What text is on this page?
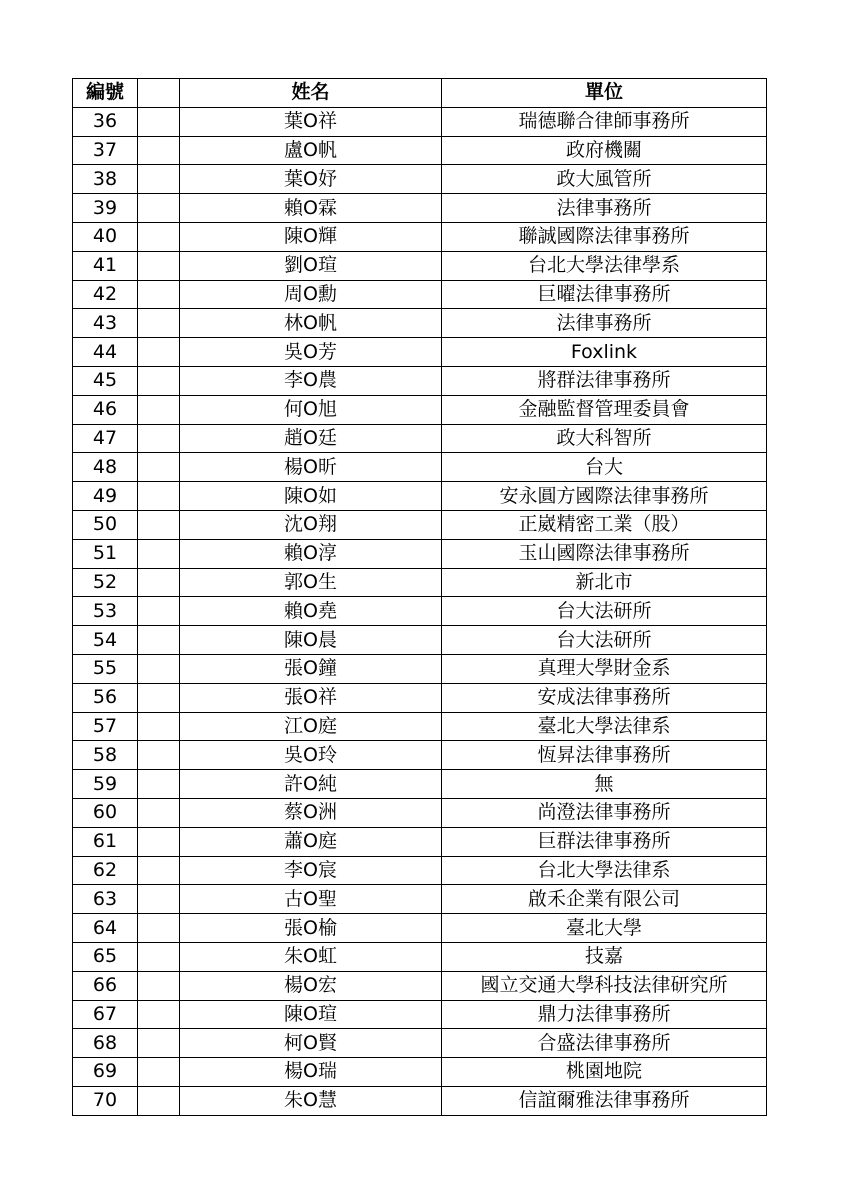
編號		姓名	單位
36		葉O祥	瑞德聯合律師事務所
37		盧O帆	政府機關
38		葉O妤	政大風管所
39		賴O霖	法律事務所
40		陳O輝	聯誠國際法律事務所
41		劉O瑄	台北大學法律學系
42		周O勳	巨曜法律事務所
43		林O帆	法律事務所
44		吳O芳	Foxlink
45		李O農	將群法律事務所
46		何O旭	金融監督管理委員會
47		趙O廷	政大科智所
48		楊O昕	台大
49		陳O如	安永圓方國際法律事務所
50		沈O翔	正崴精密工業（股）
51		賴O淳	玉山國際法律事務所
52		郭O生	新北市
53		賴O堯	台大法研所
54		陳O晨	台大法研所
55		張O鐘	真理大學財金系
56		張O祥	安成法律事務所
57		江O庭	臺北大學法律系
58		吳O玲	恆昇法律事務所
59		許O純	無
60		蔡O洲	尚澄法律事務所
61		蕭O庭	巨群法律事務所
62		李O宸	台北大學法律系
63		古O聖	啟禾企業有限公司
64		張O榆	臺北大學
65		朱O虹	技嘉
66		楊O宏	國立交通大學科技法律研究所
67		陳O瑄	鼎力法律事務所
68		柯O賢	合盛法律事務所
69		楊O瑞	桃園地院
70		朱O慧	信誼爾雅法律事務所
